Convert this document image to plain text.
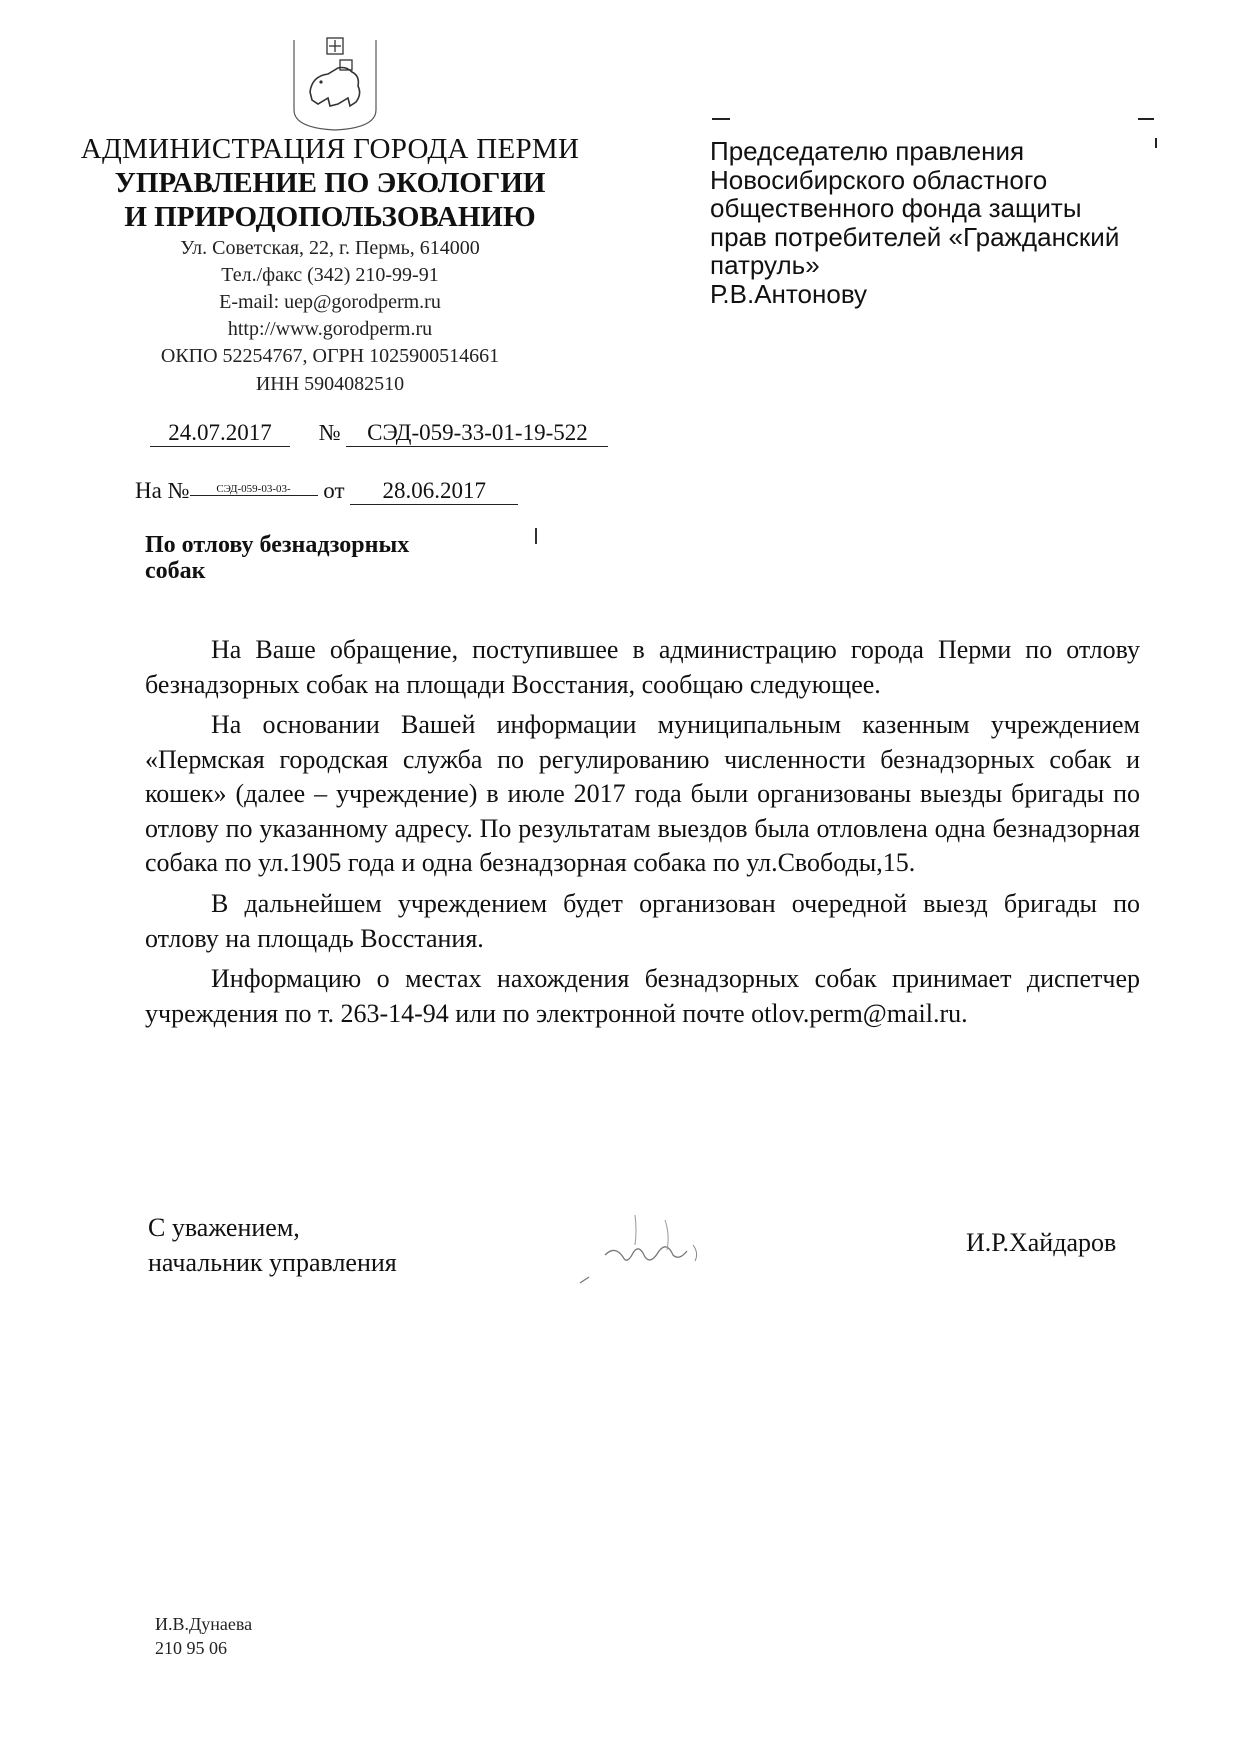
АДМИНИСТРАЦИЯ ГОРОДА ПЕРМИ
УПРАВЛЕНИЕ ПО ЭКОЛОГИИ
И ПРИРОДОПОЛЬЗОВАНИЮ
Ул. Советская, 22, г. Пермь, 614000
Тел./факс (342) 210-99-91
E-mail: uep@gorodperm.ru
http://www.gorodperm.ru
ОКПО 52254767, ОГРН 1025900514661
ИНН 5904082510
Председателю правления
Новосибирского областного
общественного фонда защиты
прав потребителей «Гражданский
патруль»
Р.В.Антонову
24.07.2017 № СЭД-059-33-01-19-522
На № СЭД-059-03-03- от 28.06.2017
По отлову безнадзорных
собак

На Ваше обращение, поступившее в администрацию города Перми по отлову безнадзорных собак на площади Восстания, сообщаю следующее.

На основании Вашей информации муниципальным казенным учреждением «Пермская городская служба по регулированию численности безнадзорных собак и кошек» (далее – учреждение) в июле 2017 года были организованы выезды бригады по отлову по указанному адресу. По результатам выездов была отловлена одна безнадзорная собака по ул.1905 года и одна безнадзорная собака по ул.Свободы,15.

В дальнейшем учреждением будет организован очередной выезд бригады по отлову на площадь Восстания.

Информацию о местах нахождения безнадзорных собак принимает диспетчер учреждения по т. 263-14-94 или по электронной почте otlov.perm@mail.ru.

С уважением,
начальник управления
И.Р.Хайдаров
И.В.Дунаева
210 95 06
